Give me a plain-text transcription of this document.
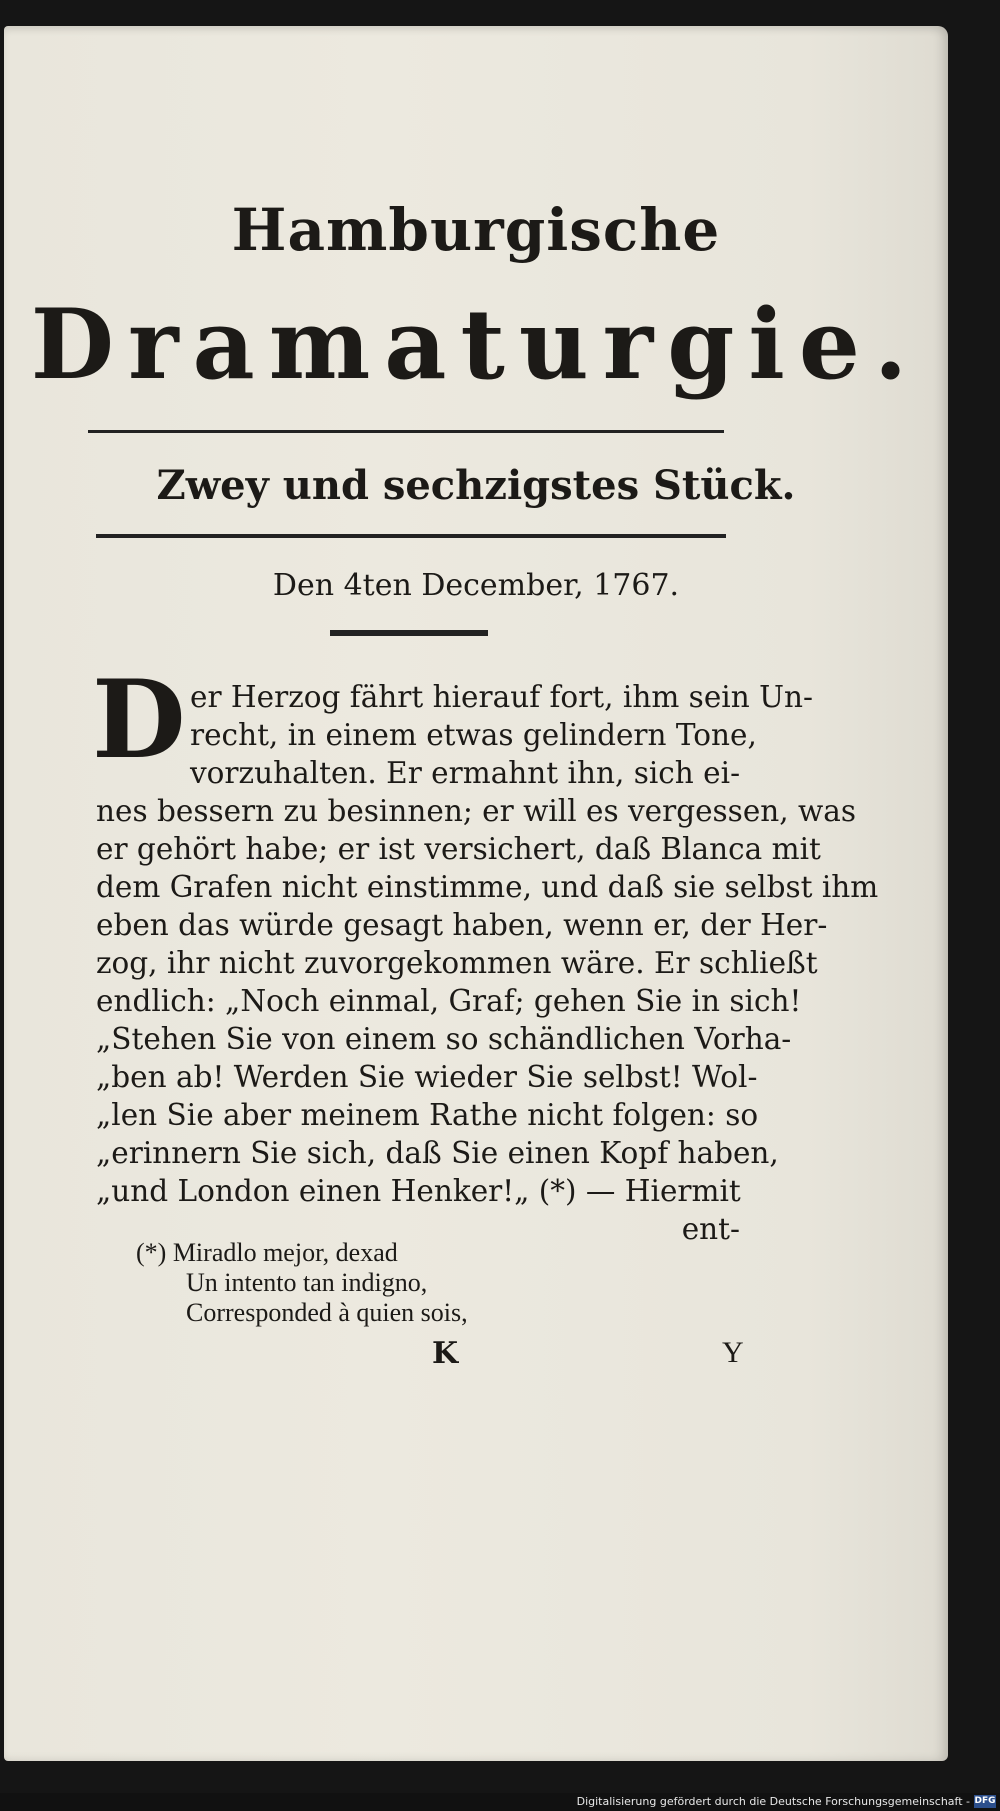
Hamburgische
Dramaturgie.
Zwey und sechzigstes Stück.
Den 4ten December, 1767.
D er Herzog fährt hierauf fort, ihm sein Un-
recht, in einem etwas gelindern Tone,
vorzuhalten. Er ermahnt ihn, sich ei-
nes bessern zu besinnen; er will es vergessen, was
er gehört habe; er ist versichert, daß Blanca mit
dem Grafen nicht einstimme, und daß sie selbst ihm
eben das würde gesagt haben, wenn er, der Her-
zog, ihr nicht zuvorgekommen wäre. Er schließt
endlich: „Noch einmal, Graf; gehen Sie in sich!
„Stehen Sie von einem so schändlichen Vorha-
„ben ab! Werden Sie wieder Sie selbst! Wol-
„len Sie aber meinem Rathe nicht folgen: so
„erinnern Sie sich, daß Sie einen Kopf haben,
„und London einen Henker!„ (*) — Hiermit
ent-
(*) Miradlo mejor, dexad
Un intento tan indigno,
Corresponded à quien sois,
K	Y
Digitalisierung gefördert durch die Deutsche Forschungsgemeinschaft - DFG
